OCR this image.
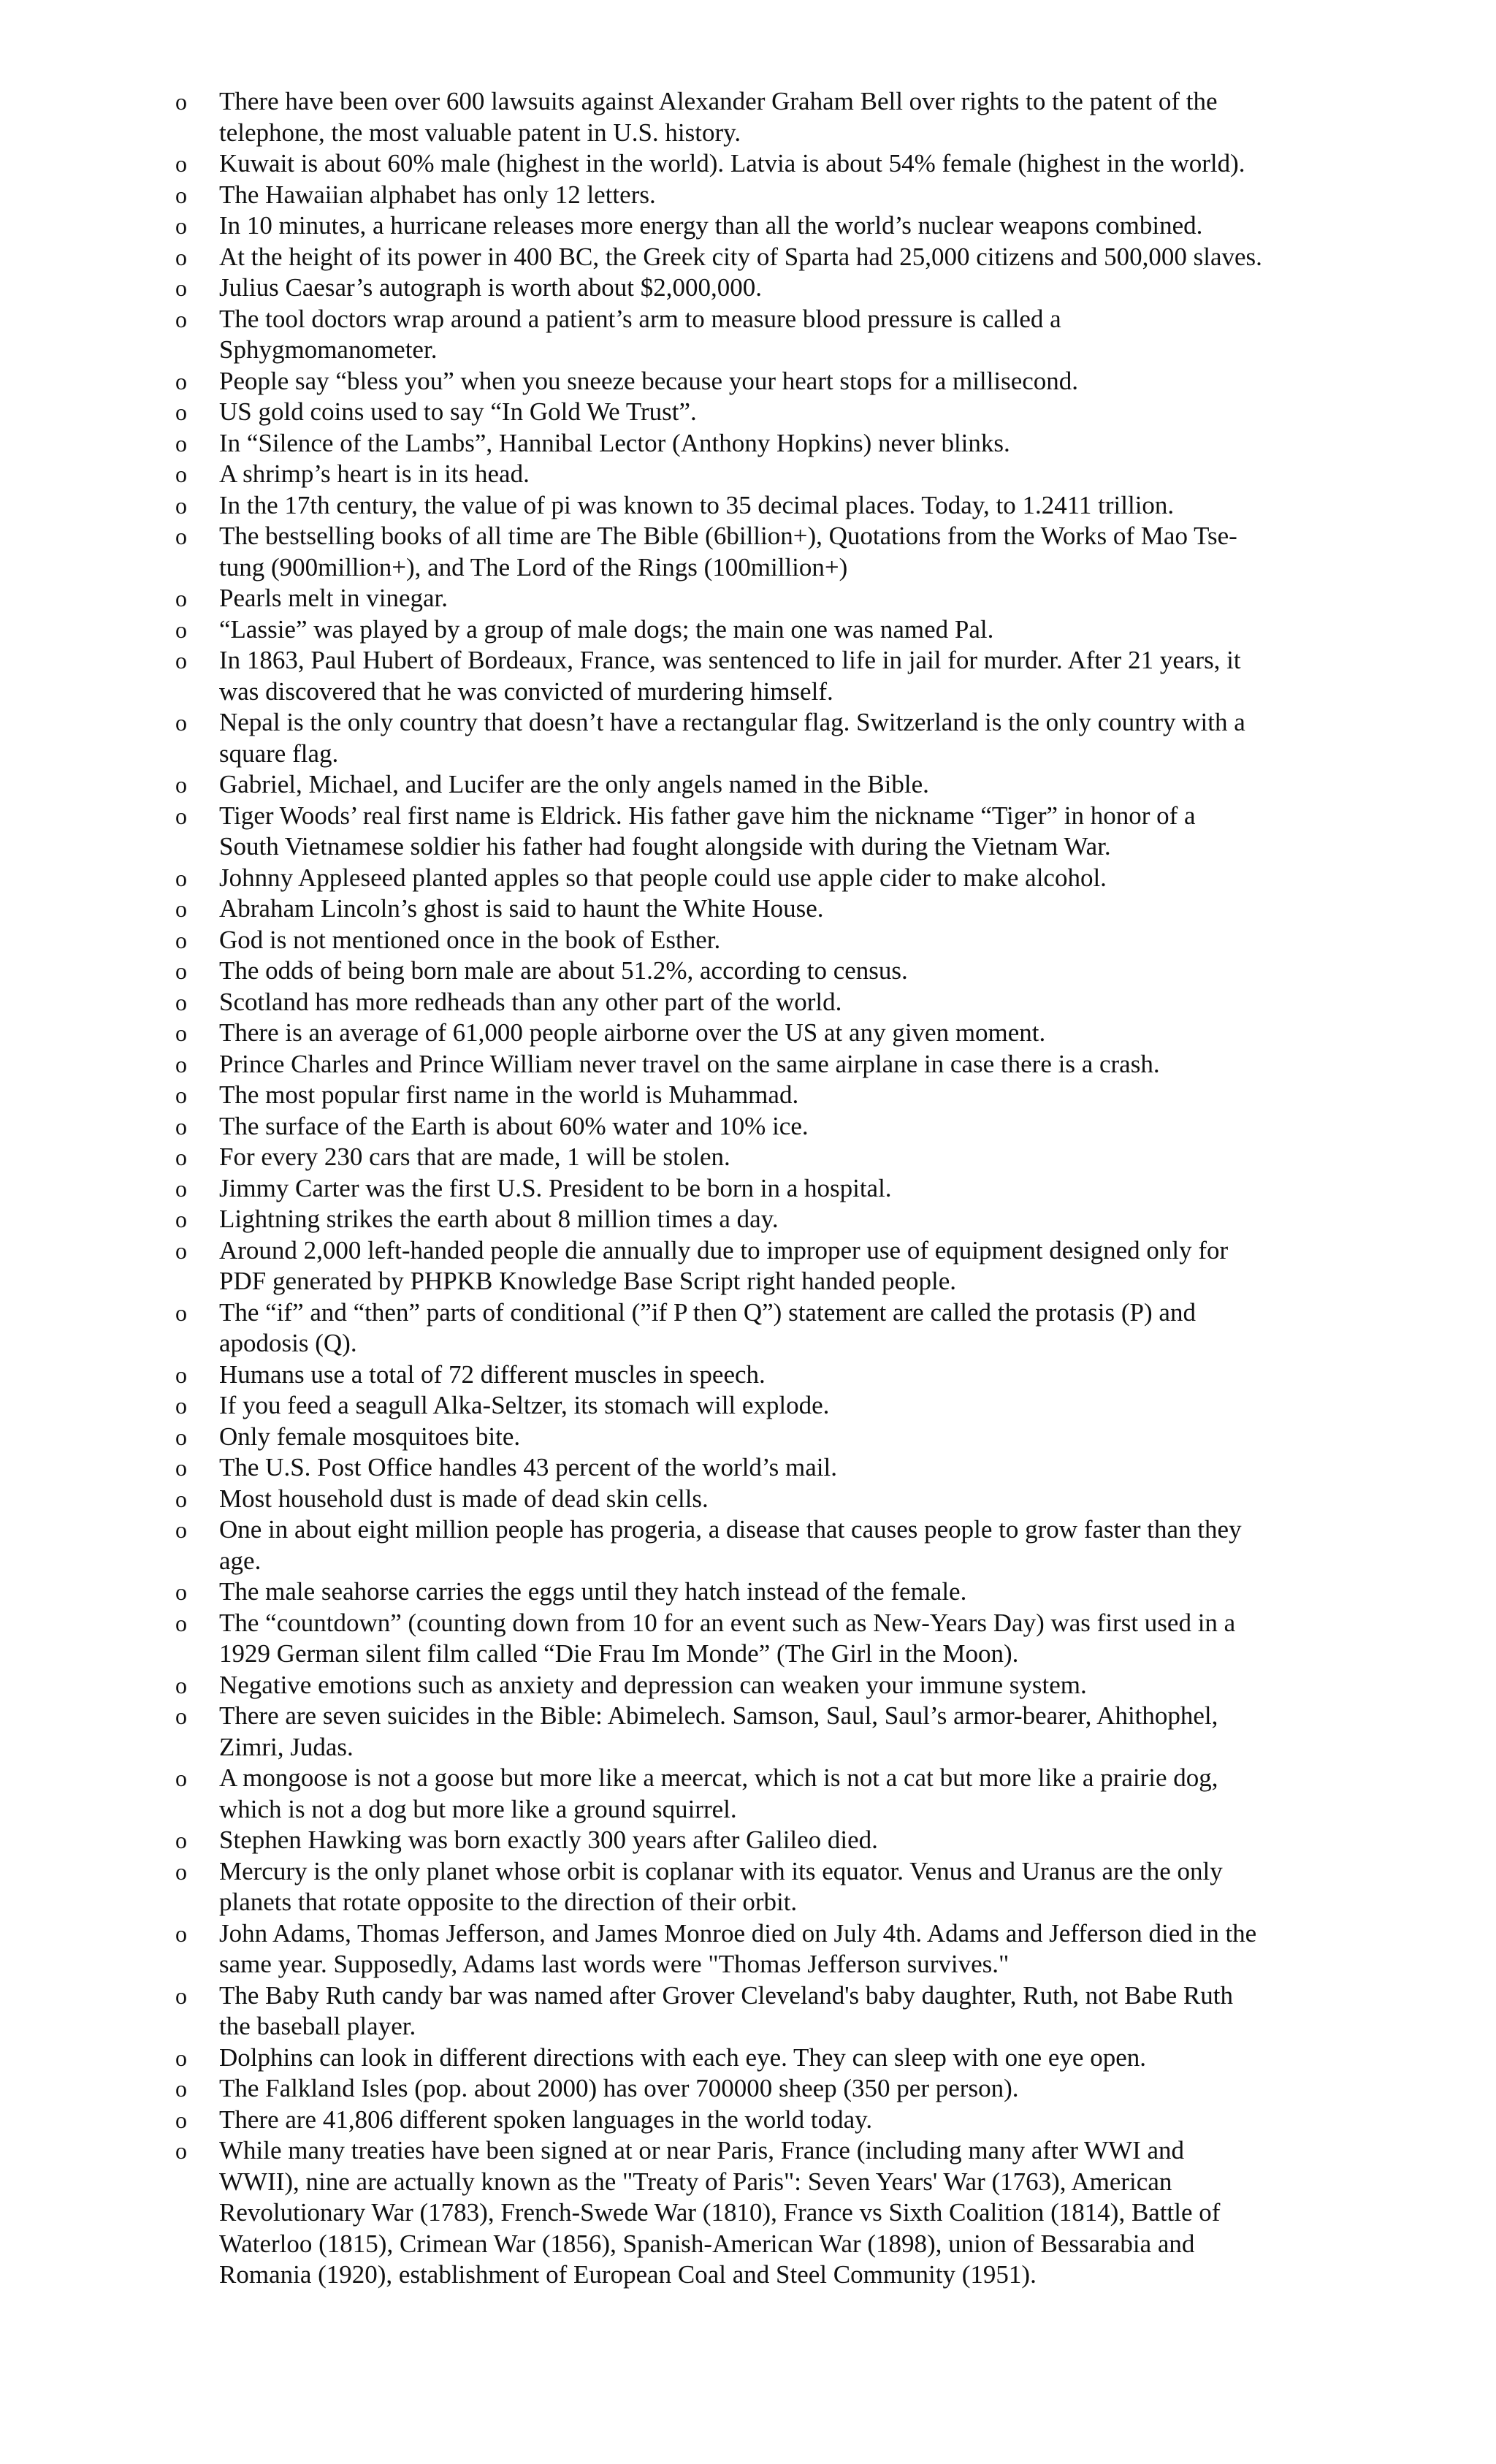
o	There have been over 600 lawsuits against Alexander Graham Bell over rights to the patent of the
telephone, the most valuable patent in U.S. history.
o	Kuwait is about 60% male (highest in the world). Latvia is about 54% female (highest in the world).
o	The Hawaiian alphabet has only 12 letters.
o	In 10 minutes, a hurricane releases more energy than all the world’s nuclear weapons combined.
o	At the height of its power in 400 BC, the Greek city of Sparta had 25,000 citizens and 500,000 slaves.
o	Julius Caesar’s autograph is worth about $2,000,000.
o	The tool doctors wrap around a patient’s arm to measure blood pressure is called a
Sphygmomanometer.
o	People say “bless you” when you sneeze because your heart stops for a millisecond.
o	US gold coins used to say “In Gold We Trust”.
o	In “Silence of the Lambs”, Hannibal Lector (Anthony Hopkins) never blinks.
o	A shrimp’s heart is in its head.
o	In the 17th century, the value of pi was known to 35 decimal places. Today, to 1.2411 trillion.
o	The bestselling books of all time are The Bible (6billion+), Quotations from the Works of Mao Tse-
tung (900million+), and The Lord of the Rings (100million+)
o	Pearls melt in vinegar.
o	“Lassie” was played by a group of male dogs; the main one was named Pal.
o	In 1863, Paul Hubert of Bordeaux, France, was sentenced to life in jail for murder. After 21 years, it
was discovered that he was convicted of murdering himself.
o	Nepal is the only country that doesn’t have a rectangular flag. Switzerland is the only country with a
square flag.
o	Gabriel, Michael, and Lucifer are the only angels named in the Bible.
o	Tiger Woods’ real first name is Eldrick. His father gave him the nickname “Tiger” in honor of a
South Vietnamese soldier his father had fought alongside with during the Vietnam War.
o	Johnny Appleseed planted apples so that people could use apple cider to make alcohol.
o	Abraham Lincoln’s ghost is said to haunt the White House.
o	God is not mentioned once in the book of Esther.
o	The odds of being born male are about 51.2%, according to census.
o	Scotland has more redheads than any other part of the world.
o	There is an average of 61,000 people airborne over the US at any given moment.
o	Prince Charles and Prince William never travel on the same airplane in case there is a crash.
o	The most popular first name in the world is Muhammad.
o	The surface of the Earth is about 60% water and 10% ice.
o	For every 230 cars that are made, 1 will be stolen.
o	Jimmy Carter was the first U.S. President to be born in a hospital.
o	Lightning strikes the earth about 8 million times a day.
o	Around 2,000 left-handed people die annually due to improper use of equipment designed only for
PDF generated by PHPKB Knowledge Base Script right handed people.
o	The “if” and “then” parts of conditional (”if P then Q”) statement are called the protasis (P) and
apodosis (Q).
o	Humans use a total of 72 different muscles in speech.
o	If you feed a seagull Alka-Seltzer, its stomach will explode.
o	Only female mosquitoes bite.
o	The U.S. Post Office handles 43 percent of the world’s mail.
o	Most household dust is made of dead skin cells.
o	One in about eight million people has progeria, a disease that causes people to grow faster than they
age.
o	The male seahorse carries the eggs until they hatch instead of the female.
o	The “countdown” (counting down from 10 for an event such as New-Years Day) was first used in a
1929 German silent film called “Die Frau Im Monde” (The Girl in the Moon).
o	Negative emotions such as anxiety and depression can weaken your immune system.
o	There are seven suicides in the Bible: Abimelech. Samson, Saul, Saul’s armor-bearer, Ahithophel,
Zimri, Judas.
o	A mongoose is not a goose but more like a meercat, which is not a cat but more like a prairie dog,
which is not a dog but more like a ground squirrel.
o	Stephen Hawking was born exactly 300 years after Galileo died.
o	Mercury is the only planet whose orbit is coplanar with its equator. Venus and Uranus are the only
planets that rotate opposite to the direction of their orbit.
o	John Adams, Thomas Jefferson, and James Monroe died on July 4th. Adams and Jefferson died in the
same year. Supposedly, Adams last words were "Thomas Jefferson survives."
o	The Baby Ruth candy bar was named after Grover Cleveland's baby daughter, Ruth, not Babe Ruth
the baseball player.
o	Dolphins can look in different directions with each eye. They can sleep with one eye open.
o	The Falkland Isles (pop. about 2000) has over 700000 sheep (350 per person).
o	There are 41,806 different spoken languages in the world today.
o	While many treaties have been signed at or near Paris, France (including many after WWI and
WWII), nine are actually known as the "Treaty of Paris": Seven Years' War (1763), American
Revolutionary War (1783), French-Swede War (1810), France vs Sixth Coalition (1814), Battle of
Waterloo (1815), Crimean War (1856), Spanish-American War (1898), union of Bessarabia and
Romania (1920), establishment of European Coal and Steel Community (1951).
